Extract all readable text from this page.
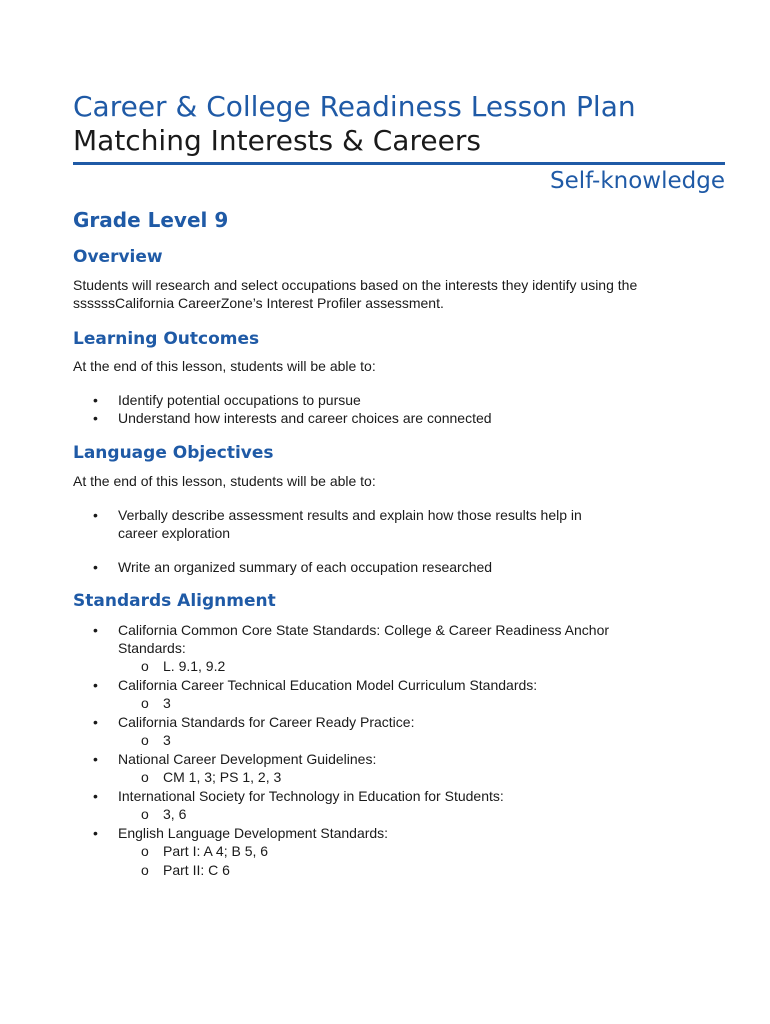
Career & College Readiness Lesson Plan
Matching Interests & Careers
Self-knowledge
Grade Level 9
Overview
Students will research and select occupations based on the interests they identify using the ssssssCalifornia CareerZone’s Interest Profiler assessment.
Learning Outcomes
At the end of this lesson, students will be able to:
• Identify potential occupations to pursue
• Understand how interests and career choices are connected
Language Objectives
At the end of this lesson, students will be able to:
• Verbally describe assessment results and explain how those results help in career exploration
• Write an organized summary of each occupation researched
Standards Alignment
• California Common Core State Standards: College & Career Readiness Anchor Standards:
o L. 9.1, 9.2
• California Career Technical Education Model Curriculum Standards:
o 3
• California Standards for Career Ready Practice:
o 3
• National Career Development Guidelines:
o CM 1, 3; PS 1, 2, 3
• International Society for Technology in Education for Students:
o 3, 6
• English Language Development Standards:
o Part I: A 4; B 5, 6
o Part II: C 6
